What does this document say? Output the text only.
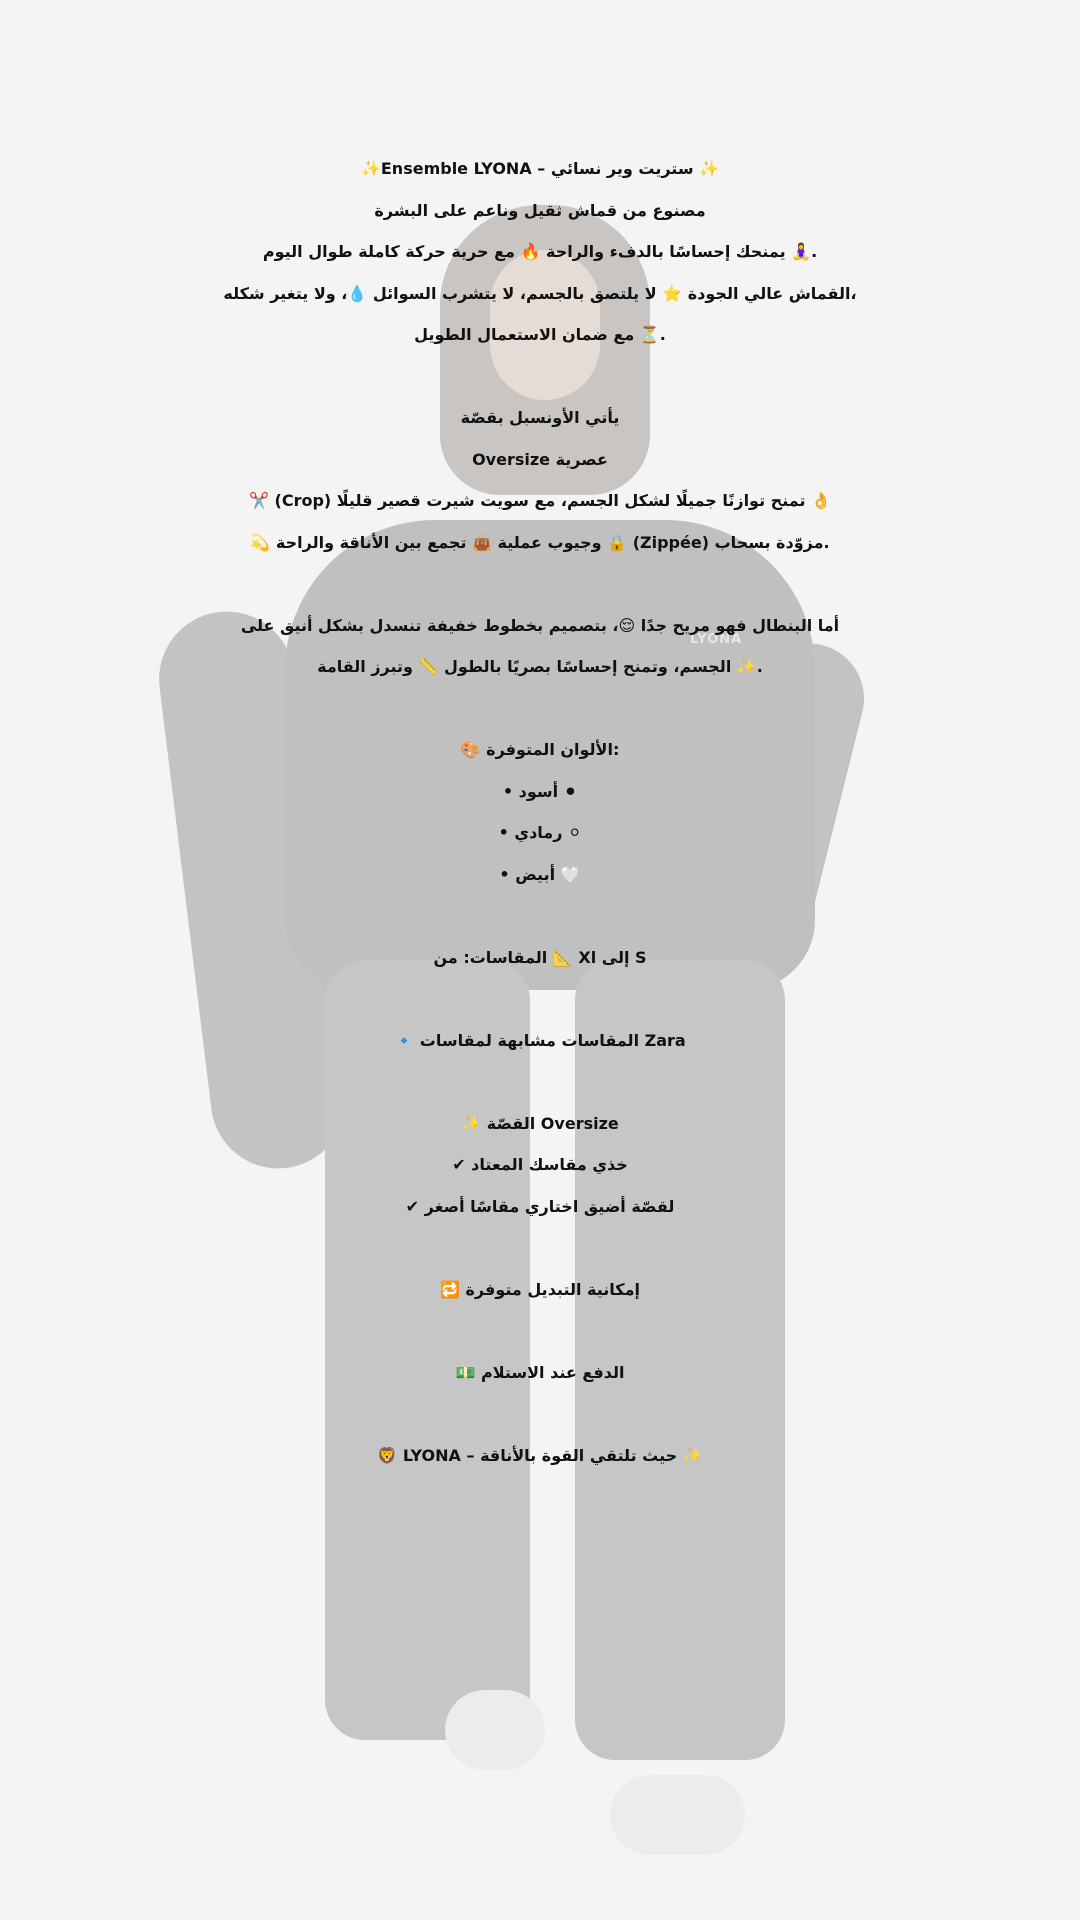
LYONA
✨Ensemble LYONA – ستريت وير نسائي ✨
مصنوع من قماش ثقيل وناعم على البشرة
يمنحك إحساسًا بالدفء والراحة 🔥 مع حرية حركة كاملة طوال اليوم 🧘‍♀️.
القماش عالي الجودة ⭐ لا يلتصق بالجسم، لا يتشرب السوائل 💧، ولا يتغير شكله،
مع ضمان الاستعمال الطويل ⏳.
يأتي الأونسبل بقصّة
Oversize عصرية
✂️ (Crop) تمنح توازنًا جميلًا لشكل الجسم، مع سويت شيرت قصير قليلًا 👌
💫 وجيوب عملية 👜 تجمع بين الأناقة والراحة 🔒 (Zippée) مزوّدة بسحاب.
أما البنطال فهو مريح جدًا 😌، بتصميم بخطوط خفيفة تنسدل بشكل أنيق على
الجسم، وتمنح إحساسًا بصريًا بالطول 📏 وتبرز القامة ✨.
🎨 الألوان المتوفرة:
• أسود ⚫
• رمادي ⚪
• أبيض 🤍
المقاسات: من 📐 Xl إلى S
🔹 المقاسات مشابهة لمقاسات Zara
✨ القصّة Oversize
✔ خذي مقاسك المعتاد
✔ لقصّة أضيق اختاري مقاسًا أصغر
🔁 إمكانية التبديل متوفرة
💵 الدفع عند الاستلام
🦁 LYONA – حيث تلتقي القوة بالأناقة ✨
